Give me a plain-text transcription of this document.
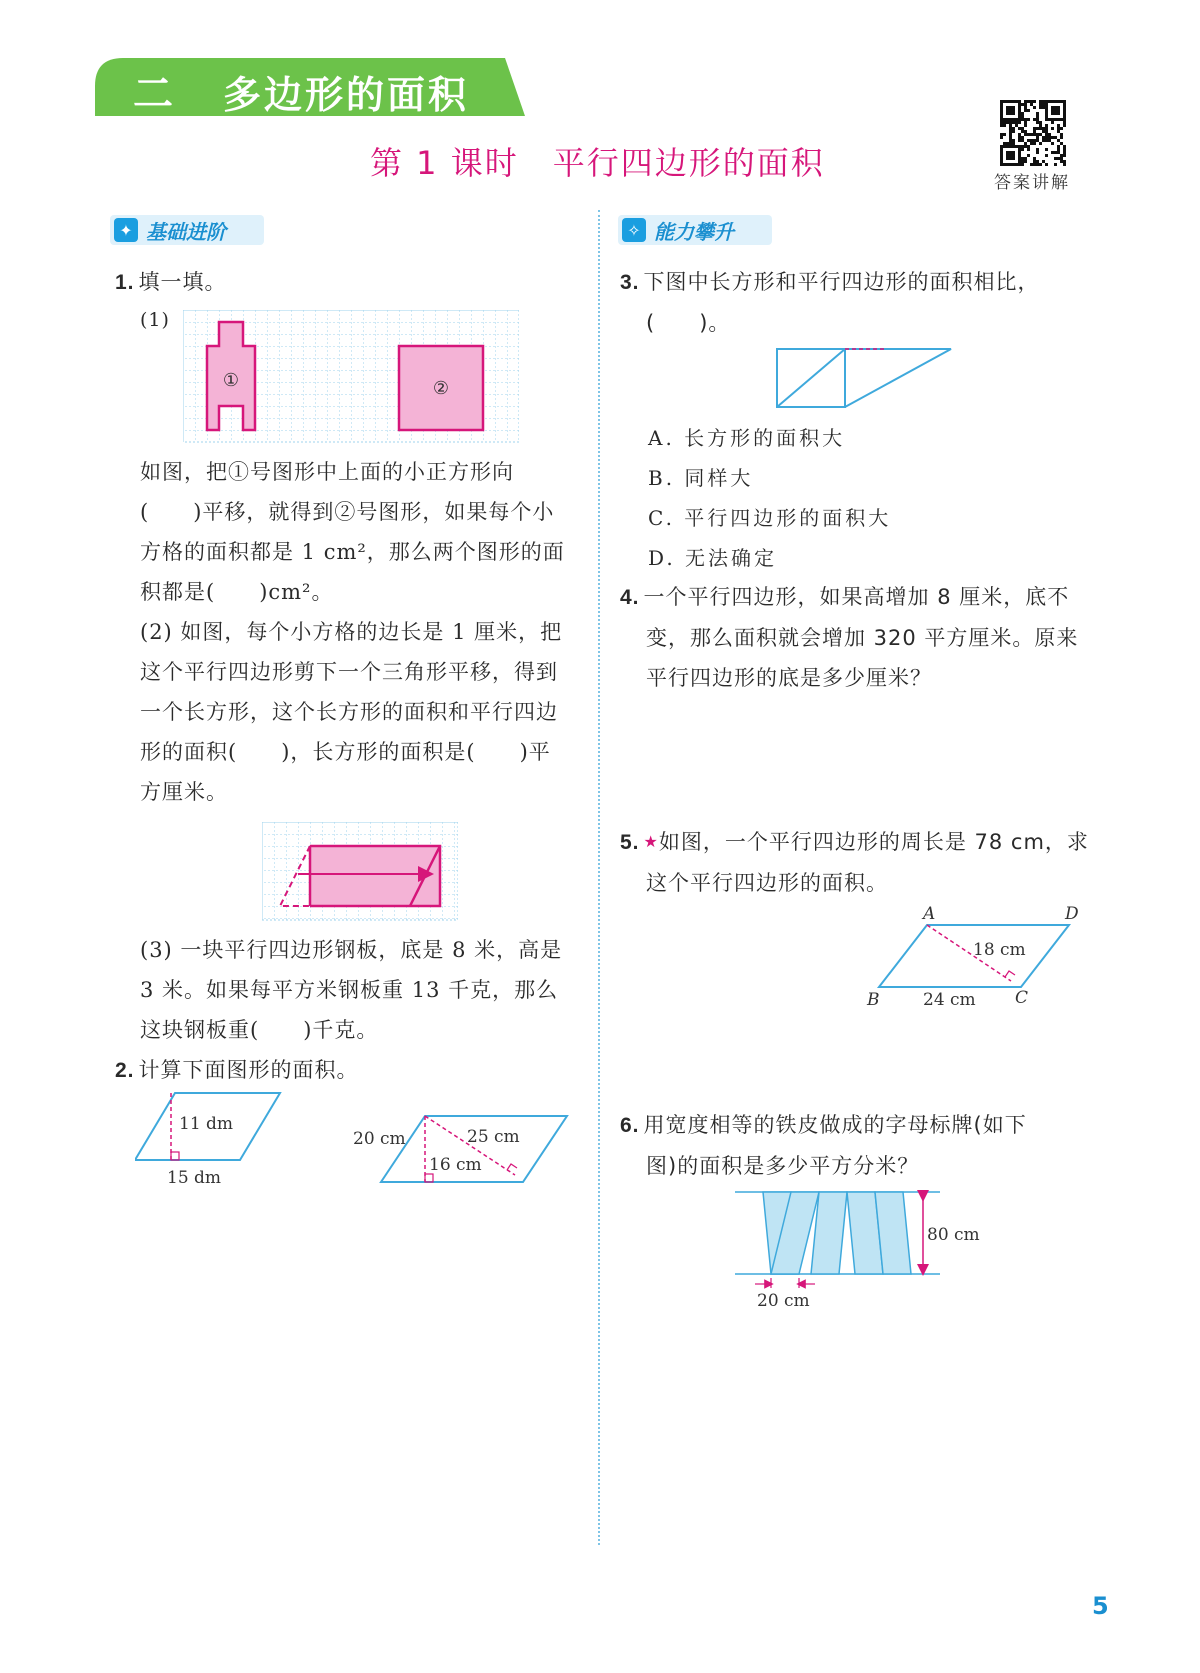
二 多边形的面积
第 1 课时　平行四边形的面积
答案讲解
✦ 基础进阶	✧ 能力攀升
1. 填一填。
(1)
①	②
如图，把①号图形中上面的小正方形向
(　　)平移，就得到②号图形，如果每个小
方格的面积都是 1 cm²，那么两个图形的面
积都是(　　)cm²。
(2) 如图，每个小方格的边长是 1 厘米，把
这个平行四边形剪下一个三角形平移，得到
一个长方形，这个长方形的面积和平行四边
形的面积(　　)，长方形的面积是(　　)平
方厘米。
(3) 一块平行四边形钢板，底是 8 米，高是
3 米。如果每平方米钢板重 13 千克，那么
这块钢板重(　　)千克。
2. 计算下面图形的面积。
11 dm
15 dm
20 cm	25 cm
16 cm
3. 下图中长方形和平行四边形的面积相比，
(　　)。
A. 长方形的面积大
B. 同样大
C. 平行四边形的面积大
D. 无法确定
4. 一个平行四边形，如果高增加 8 厘米，底不
变，那么面积就会增加 320 平方厘米。原来
平行四边形的底是多少厘米？
5. ★如图，一个平行四边形的周长是 78 cm，求
这个平行四边形的面积。
A	D
B	C
18 cm
24 cm
6. 用宽度相等的铁皮做成的字母标牌(如下
图)的面积是多少平方分米？
80 cm
20 cm
5
